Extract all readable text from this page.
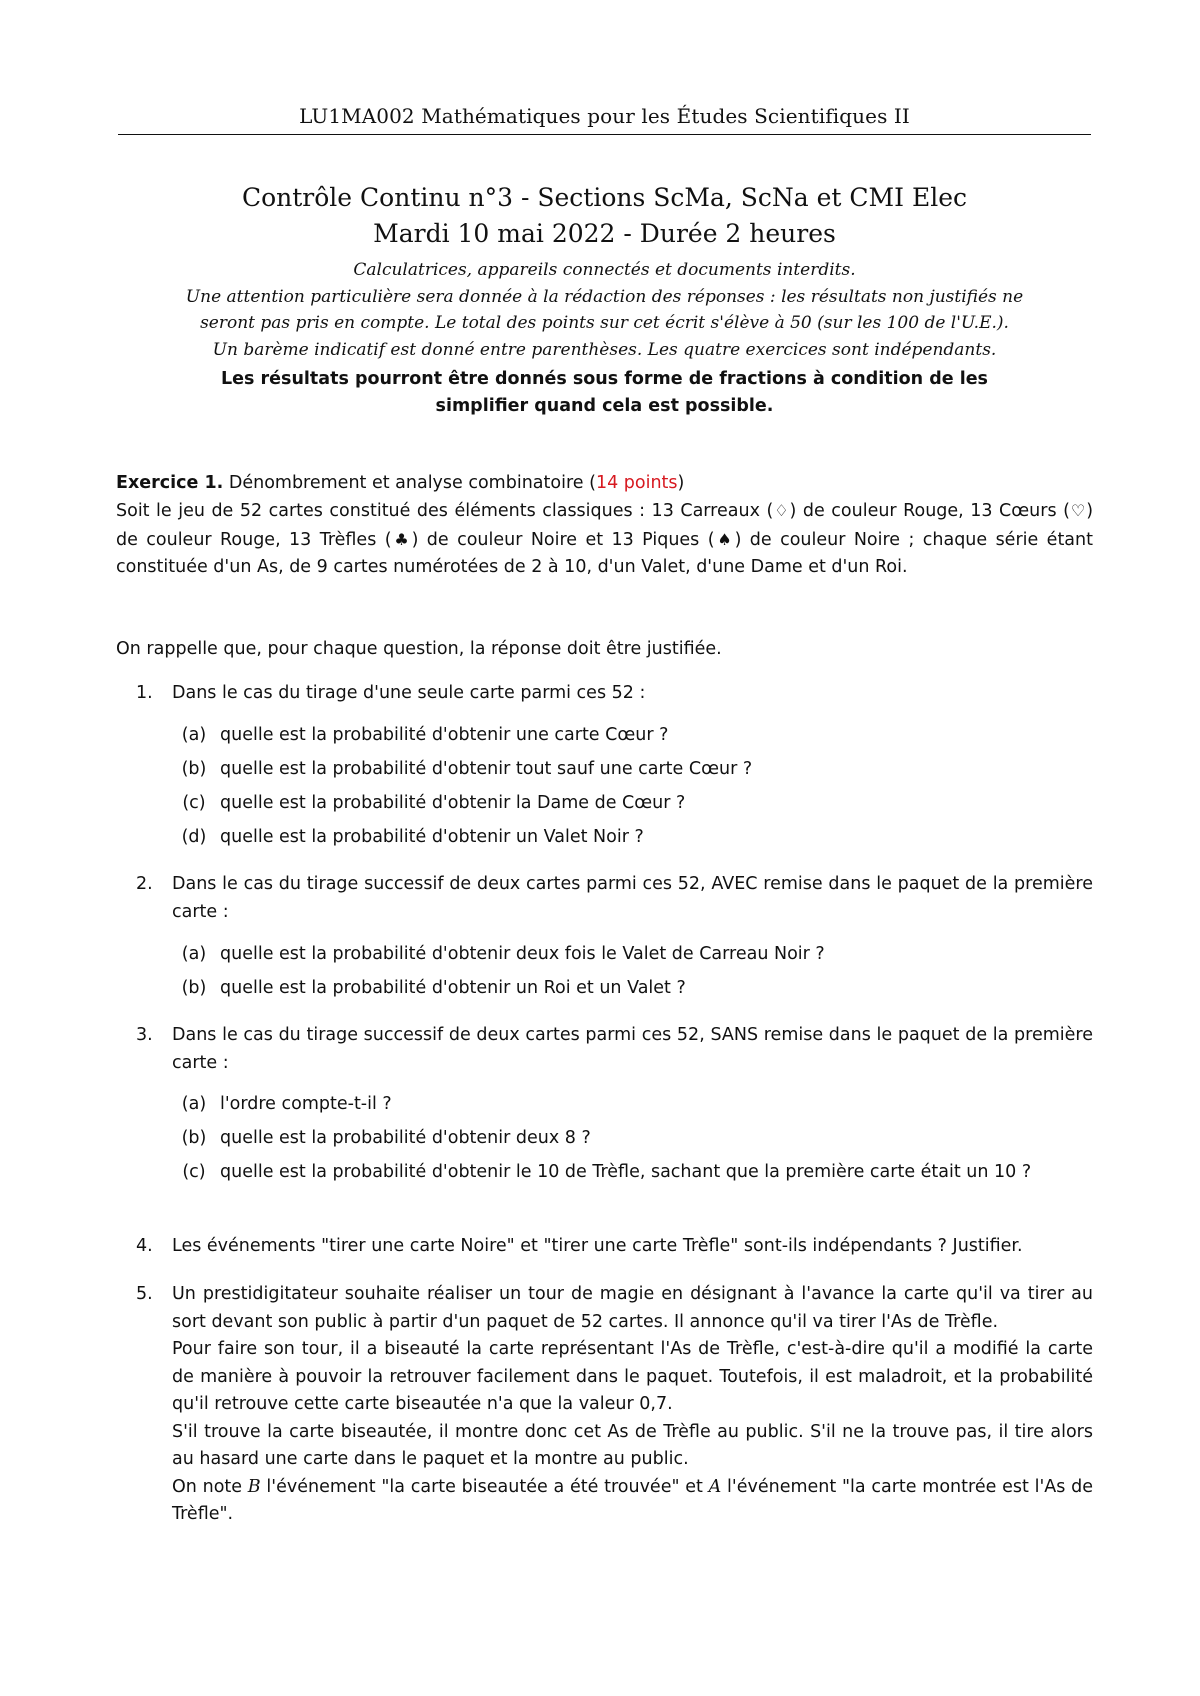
LU1MA002 Mathématiques pour les Études Scientifiques II
Contrôle Continu n°3 - Sections ScMa, ScNa et CMI Elec
Mardi 10 mai 2022 - Durée 2 heures
Calculatrices, appareils connectés et documents interdits.
Une attention particulière sera donnée à la rédaction des réponses : les résultats non justifiés ne
seront pas pris en compte. Le total des points sur cet écrit s'élève à 50 (sur les 100 de l'U.E.).
Un barème indicatif est donné entre parenthèses. Les quatre exercices sont indépendants.
Les résultats pourront être donnés sous forme de fractions à condition de les simplifier quand cela est possible.
Exercice 1. Dénombrement et analyse combinatoire (14 points)
Soit le jeu de 52 cartes constitué des éléments classiques : 13 Carreaux (♢) de couleur Rouge, 13 Cœurs (♡) de couleur Rouge, 13 Trèfles (♣) de couleur Noire et 13 Piques (♠) de couleur Noire ; chaque série étant constituée d'un As, de 9 cartes numérotées de 2 à 10, d'un Valet, d'une Dame et d'un Roi.
On rappelle que, pour chaque question, la réponse doit être justifiée.
1. Dans le cas du tirage d'une seule carte parmi ces 52 :
(a) quelle est la probabilité d'obtenir une carte Cœur ?
(b) quelle est la probabilité d'obtenir tout sauf une carte Cœur ?
(c) quelle est la probabilité d'obtenir la Dame de Cœur ?
(d) quelle est la probabilité d'obtenir un Valet Noir ?
2. Dans le cas du tirage successif de deux cartes parmi ces 52, AVEC remise dans le paquet de la première carte :
(a) quelle est la probabilité d'obtenir deux fois le Valet de Carreau Noir ?
(b) quelle est la probabilité d'obtenir un Roi et un Valet ?
3. Dans le cas du tirage successif de deux cartes parmi ces 52, SANS remise dans le paquet de la première carte :
(a) l'ordre compte-t-il ?
(b) quelle est la probabilité d'obtenir deux 8 ?
(c) quelle est la probabilité d'obtenir le 10 de Trèfle, sachant que la première carte était un 10 ?
4. Les événements "tirer une carte Noire" et "tirer une carte Trèfle" sont-ils indépendants ? Justifier.
5. Un prestidigitateur souhaite réaliser un tour de magie en désignant à l'avance la carte qu'il va tirer au sort devant son public à partir d'un paquet de 52 cartes. Il annonce qu'il va tirer l'As de Trèfle.
Pour faire son tour, il a biseauté la carte représentant l'As de Trèfle, c'est-à-dire qu'il a modifié la carte de manière à pouvoir la retrouver facilement dans le paquet. Toutefois, il est maladroit, et la probabilité qu'il retrouve cette carte biseautée n'a que la valeur 0,7.
S'il trouve la carte biseautée, il montre donc cet As de Trèfle au public. S'il ne la trouve pas, il tire alors au hasard une carte dans le paquet et la montre au public.
On note B l'événement "la carte biseautée a été trouvée" et A l'événement "la carte montrée est l'As de Trèfle".
